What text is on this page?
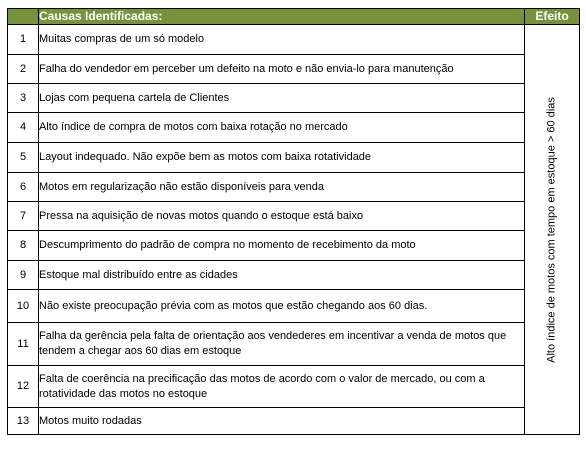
	Causas Identificadas:	Efeito
1	Muitas compras de um só modelo	Alto índice de motos com tempo em estoque > 60 dias

2	Falha do vendedor em perceber um defeito na moto e não envia-lo para manutenção	
3	Lojas com pequena cartela de Clientes	
4	Alto índice de compra de motos com baixa rotação no mercado	
5	Layout indequado. Não expõe bem as motos com baixa rotatividade	
6	Motos em regularização não estão disponíveis para venda	
7	Pressa na aquisição de novas motos quando o estoque está baixo	
8	Descumprimento do padrão de compra no momento de recebimento da moto	
9	Estoque mal distribuído entre as cidades	
10	Não existe preocupação prévia com as motos que estão chegando aos 60 dias.	
11	Falha da gerência pela falta de orientação aos vendederes em incentivar a venda de motos que tendem a chegar aos 60 dias em estoque	
12	Falta de coerência na precificação das motos de acordo com o valor de mercado, ou com a rotatividade das motos no estoque	
13	Motos muito rodadas	
